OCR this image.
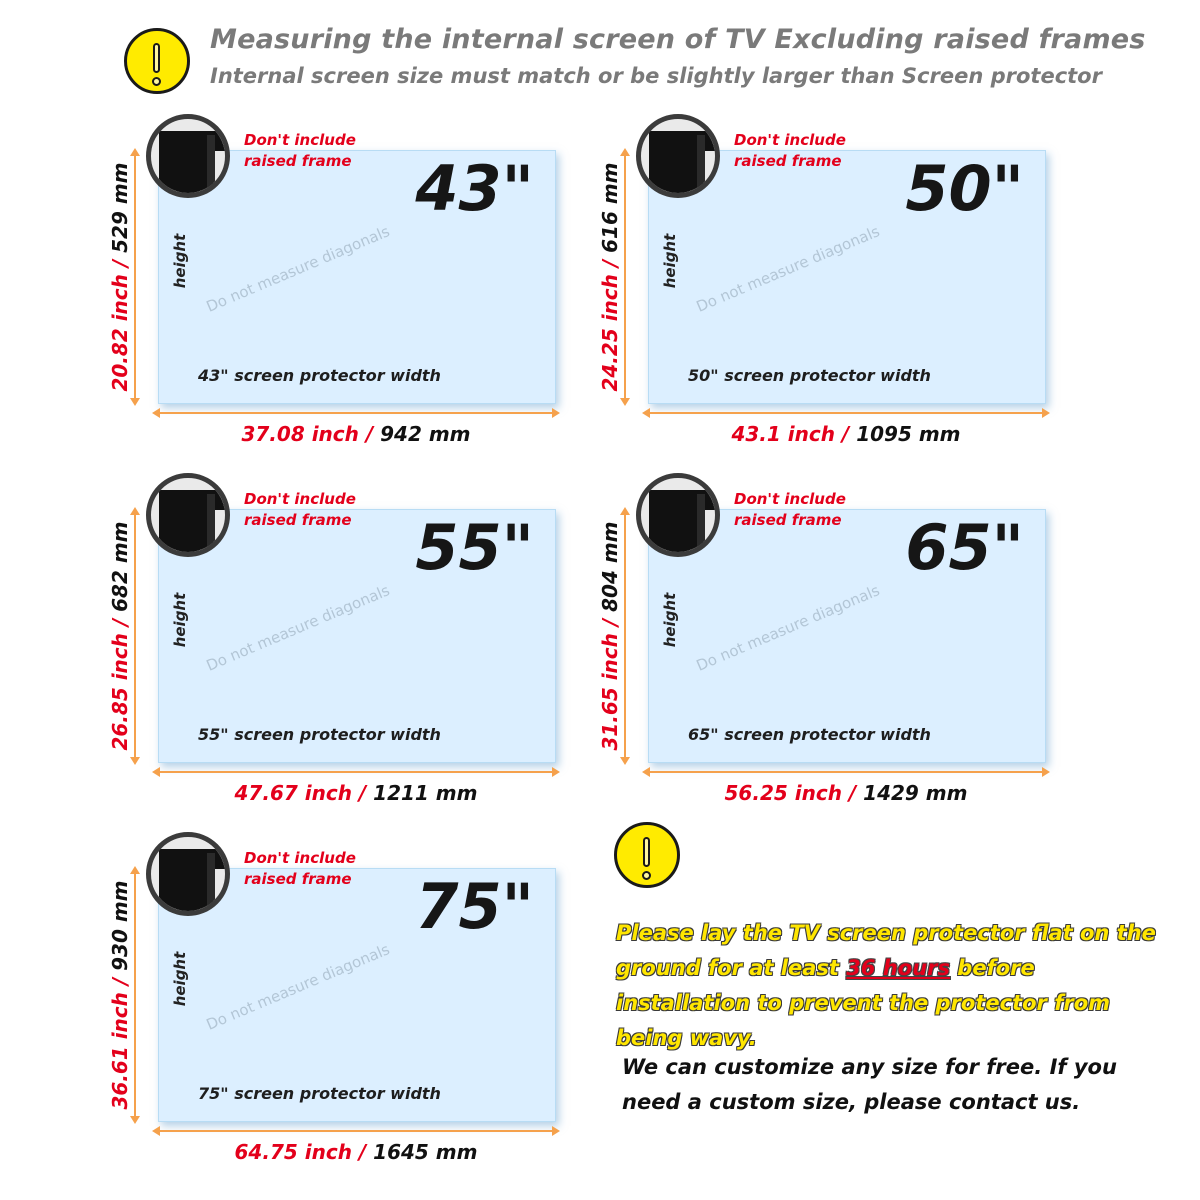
Measuring the internal screen of TV Excluding raised frames
Internal screen size must match or be slightly larger than Screen protector
Don't include
raised frame 43"
height Do not measure diagonals
43" screen protector width
20.82 inch / 529 mm
37.08 inch / 942 mm
Don't include
raised frame 50"
height Do not measure diagonals
50" screen protector width
24.25 inch / 616 mm
43.1 inch / 1095 mm
Don't include
raised frame 55"
height Do not measure diagonals
55" screen protector width
26.85 inch / 682 mm
47.67 inch / 1211 mm
Don't include
raised frame 65"
height Do not measure diagonals
65" screen protector width
31.65 inch / 804 mm
56.25 inch / 1429 mm
Don't include
raised frame 75"
height Do not measure diagonals
75" screen protector width
36.61 inch / 930 mm
64.75 inch / 1645 mm
Please lay the TV screen protector flat on the ground for at least 36 hours before installation to prevent the protector from being wavy.
We can customize any size for free. If you need a custom size, please contact us.
